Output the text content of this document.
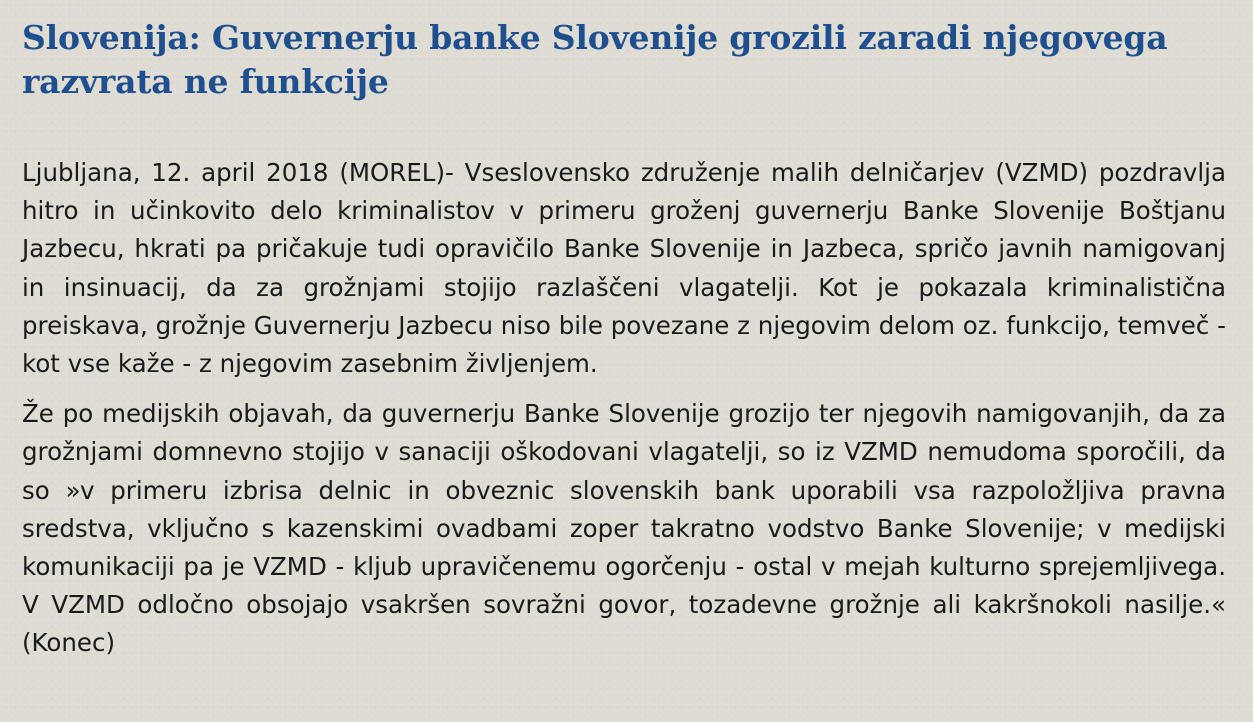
Slovenija: Guvernerju banke Slovenije grozili zaradi njegovega razvrata ne funkcije

Ljubljana, 12. april 2018 (MOREL)- Vseslovensko združenje malih delničarjev (VZMD) pozdravlja hitro in učinkovito delo kriminalistov v primeru groženj guvernerju Banke Slovenije Boštjanu Jazbecu, hkrati pa pričakuje tudi opravičilo Banke Slovenije in Jazbeca, spričo javnih namigovanj in insinuacij, da za grožnjami stojijo razlaščeni vlagatelji. Kot je pokazala kriminalistična preiskava, grožnje Guvernerju Jazbecu niso bile povezane z njegovim delom oz. funkcijo, temveč - kot vse kaže - z njegovim zasebnim življenjem.

Že po medijskih objavah, da guvernerju Banke Slovenije grozijo ter njegovih namigovanjih, da za grožnjami domnevno stojijo v sanaciji oškodovani vlagatelji, so iz VZMD nemudoma sporočili, da so »v primeru izbrisa delnic in obveznic slovenskih bank uporabili vsa razpoložljiva pravna sredstva, vključno s kazenskimi ovadbami zoper takratno vodstvo Banke Slovenije; v medijski komunikaciji pa je VZMD - kljub upravičenemu ogorčenju - ostal v mejah kulturno sprejemljivega. V VZMD odločno obsojajo vsakršen sovražni govor, tozadevne grožnje ali kakršnokoli nasilje.« (Konec)
